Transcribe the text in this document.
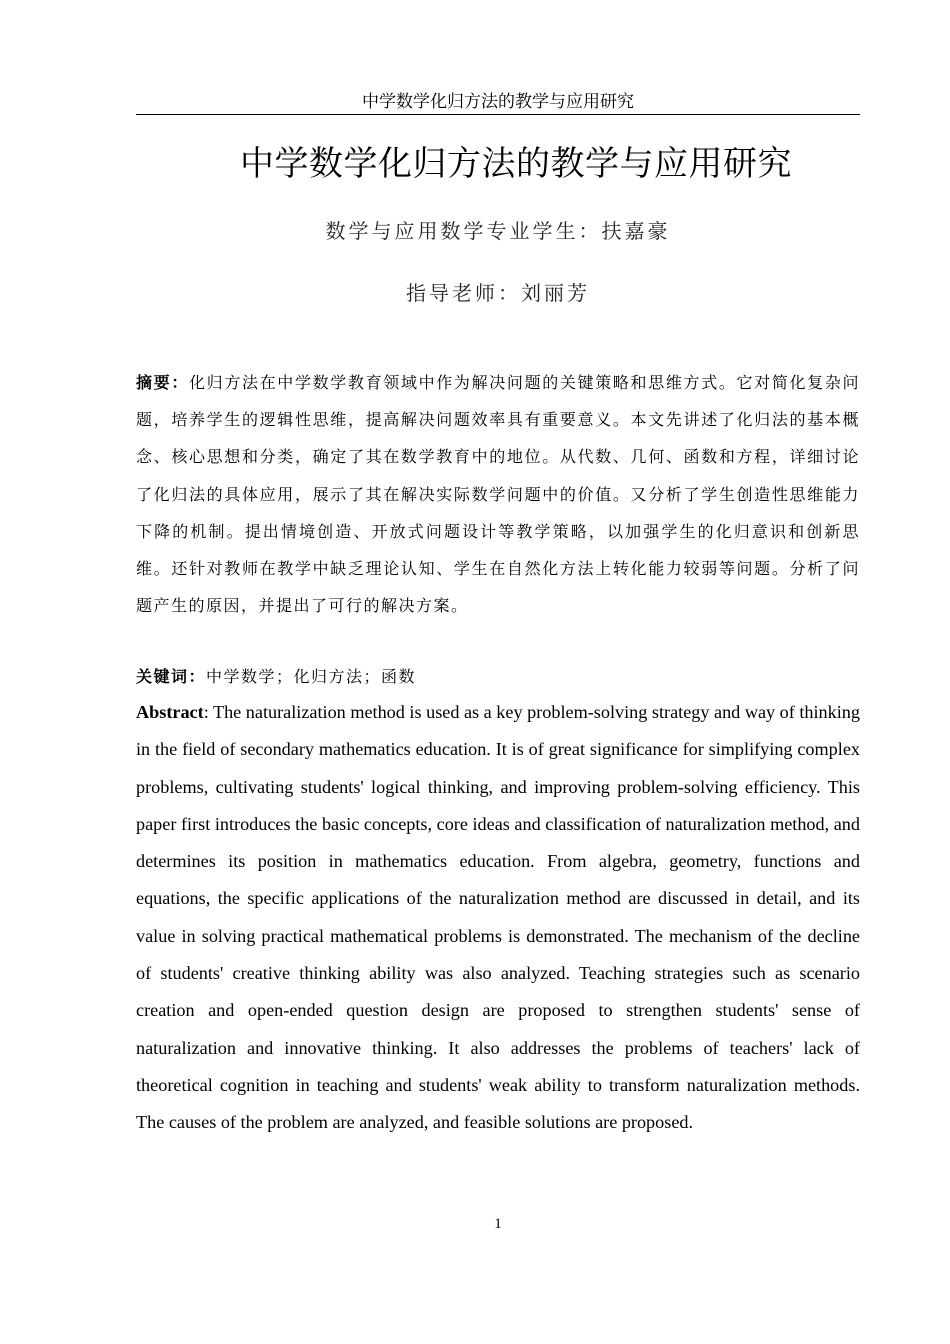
中学数学化归方法的教学与应用研究
中学数学化归方法的教学与应用研究
数学与应用数学专业学生：扶嘉豪
指导老师：刘丽芳

摘要：化归方法在中学数学教育领域中作为解决问题的关键策略和思维方式。它对简化复杂问题，培养学生的逻辑性思维，提高解决问题效率具有重要意义。本文先讲述了化归法的基本概念、核心思想和分类，确定了其在数学教育中的地位。从代数、几何、函数和方程，详细讨论了化归法的具体应用，展示了其在解决实际数学问题中的价值。又分析了学生创造性思维能力下降的机制。提出情境创造、开放式问题设计等教学策略，以加强学生的化归意识和创新思维。还针对教师在教学中缺乏理论认知、学生在自然化方法上转化能力较弱等问题。分析了问题产生的原因，并提出了可行的解决方案。

关键词：中学数学；化归方法；函数

Abstract: The naturalization method is used as a key problem-solving strategy and way of thinking in the field of secondary mathematics education. It is of great significance for simplifying complex problems, cultivating students' logical thinking, and improving problem-solving efficiency. This paper first introduces the basic concepts, core ideas and classification of naturalization method, and determines its position in mathematics education. From algebra, geometry, functions and equations, the specific applications of the naturalization method are discussed in detail, and its value in solving practical mathematical problems is demonstrated. The mechanism of the decline of students' creative thinking ability was also analyzed. Teaching strategies such as scenario creation and open-ended question design are proposed to strengthen students' sense of naturalization and innovative thinking. It also addresses the problems of teachers' lack of theoretical cognition in teaching and students' weak ability to transform naturalization methods. The causes of the problem are analyzed, and feasible solutions are proposed.

1
